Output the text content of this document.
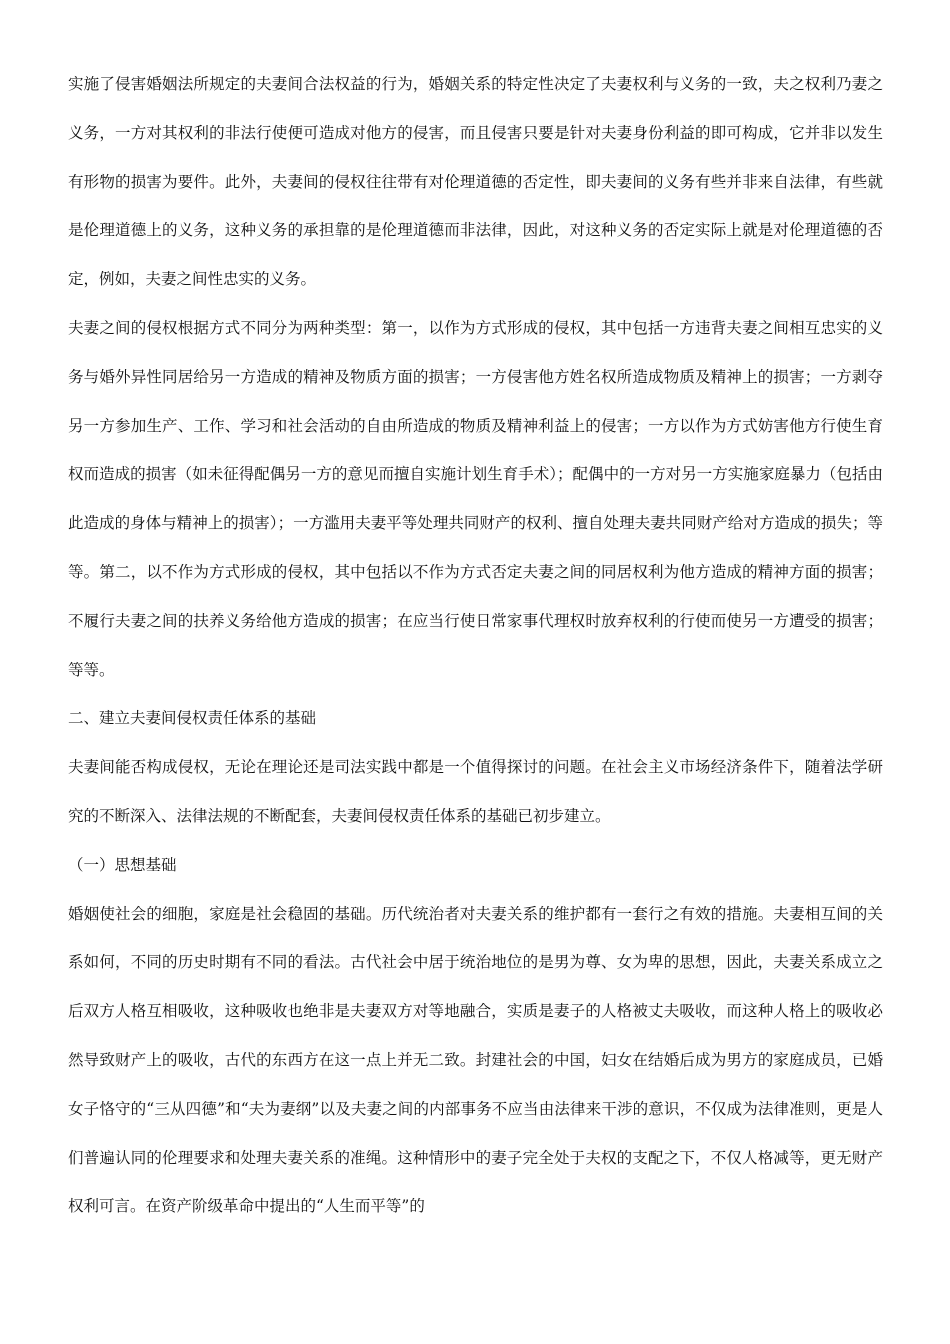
实施了侵害婚姻法所规定的夫妻间合法权益的行为，婚姻关系的特定性决定了夫妻权利与义务的一致，夫之权利乃妻之义务，一方对其权利的非法行使便可造成对他方的侵害，而且侵害只要是针对夫妻身份利益的即可构成，它并非以发生有形物的损害为要件。此外，夫妻间的侵权往往带有对伦理道德的否定性，即夫妻间的义务有些并非来自法律，有些就是伦理道德上的义务，这种义务的承担靠的是伦理道德而非法律，因此，对这种义务的否定实际上就是对伦理道德的否定，例如，夫妻之间性忠实的义务。

夫妻之间的侵权根据方式不同分为两种类型：第一，以作为方式形成的侵权，其中包括一方违背夫妻之间相互忠实的义务与婚外异性同居给另一方造成的精神及物质方面的损害；一方侵害他方姓名权所造成物质及精神上的损害；一方剥夺另一方参加生产、工作、学习和社会活动的自由所造成的物质及精神利益上的侵害；一方以作为方式妨害他方行使生育权而造成的损害（如未征得配偶另一方的意见而擅自实施计划生育手术）；配偶中的一方对另一方实施家庭暴力（包括由此造成的身体与精神上的损害）；一方滥用夫妻平等处理共同财产的权利、擅自处理夫妻共同财产给对方造成的损失；等等。第二，以不作为方式形成的侵权，其中包括以不作为方式否定夫妻之间的同居权利为他方造成的精神方面的损害；不履行夫妻之间的扶养义务给他方造成的损害；在应当行使日常家事代理权时放弃权利的行使而使另一方遭受的损害；等等。

二、建立夫妻间侵权责任体系的基础

夫妻间能否构成侵权，无论在理论还是司法实践中都是一个值得探讨的问题。在社会主义市场经济条件下，随着法学研究的不断深入、法律法规的不断配套，夫妻间侵权责任体系的基础已初步建立。

（一）思想基础

婚姻使社会的细胞，家庭是社会稳固的基础。历代统治者对夫妻关系的维护都有一套行之有效的措施。夫妻相互间的关系如何，不同的历史时期有不同的看法。古代社会中居于统治地位的是男为尊、女为卑的思想，因此，夫妻关系成立之后双方人格互相吸收，这种吸收也绝非是夫妻双方对等地融合，实质是妻子的人格被丈夫吸收，而这种人格上的吸收必然导致财产上的吸收，古代的东西方在这一点上并无二致。封建社会的中国，妇女在结婚后成为男方的家庭成员，已婚女子恪守的“三从四德”和“夫为妻纲”以及夫妻之间的内部事务不应当由法律来干涉的意识，不仅成为法律准则，更是人们普遍认同的伦理要求和处理夫妻关系的准绳。这种情形中的妻子完全处于夫权的支配之下，不仅人格减等，更无财产权利可言。在资产阶级革命中提出的“人生而平等”的
